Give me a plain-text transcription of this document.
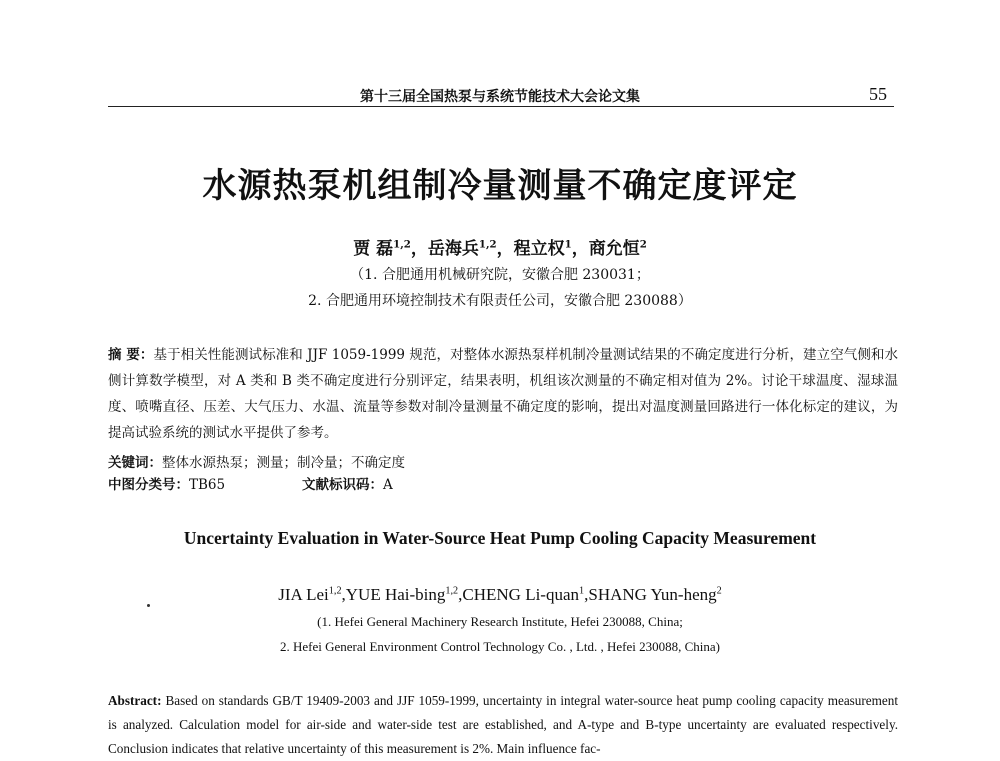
第十三届全国热泵与系统节能技术大会论文集	55
水源热泵机组制冷量测量不确定度评定
贾 磊$^{1,2}$，岳海兵$^{1,2}$，程立权$^1$，商允恒$^2$
（1. 合肥通用机械研究院，安徽合肥 230031；
2. 合肥通用环境控制技术有限责任公司，安徽合肥 230088）
摘 要：基于相关性能测试标准和 JJF 1059-1999 规范，对整体水源热泵样机制冷量测试结果的不确定度进行分析，建立空气侧和水侧计算数学模型，对 A 类和 B 类不确定度进行分别评定，结果表明，机组该次测量的不确定相对值为 2%。讨论干球温度、湿球温度、喷嘴直径、压差、大气压力、水温、流量等参数对制冷量测量不确定度的影响，提出对温度测量回路进行一体化标定的建议，为提高试验系统的测试水平提供了参考。
关键词：整体水源热泵；测量；制冷量；不确定度
中图分类号：TB65	文献标识码：A
Uncertainty Evaluation in Water-Source Heat Pump Cooling Capacity Measurement
JIA Lei$^{1,2}$,YUE Hai-bing$^{1,2}$,CHENG Li-quan$^1$,SHANG Yun-heng$^2$
(1. Hefei General Machinery Research Institute, Hefei 230088, China;
2. Hefei General Environment Control Technology Co. , Ltd. , Hefei 230088, China)
Abstract: Based on standards GB/T 19409-2003 and JJF 1059-1999, uncertainty in integral water-source heat pump cooling capacity measurement is analyzed. Calculation model for air-side and water-side test are established, and A-type and B-type uncertainty are evaluated respectively. Conclusion indicates that relative uncertainty of this measurement is 2%. Main influence fac-
